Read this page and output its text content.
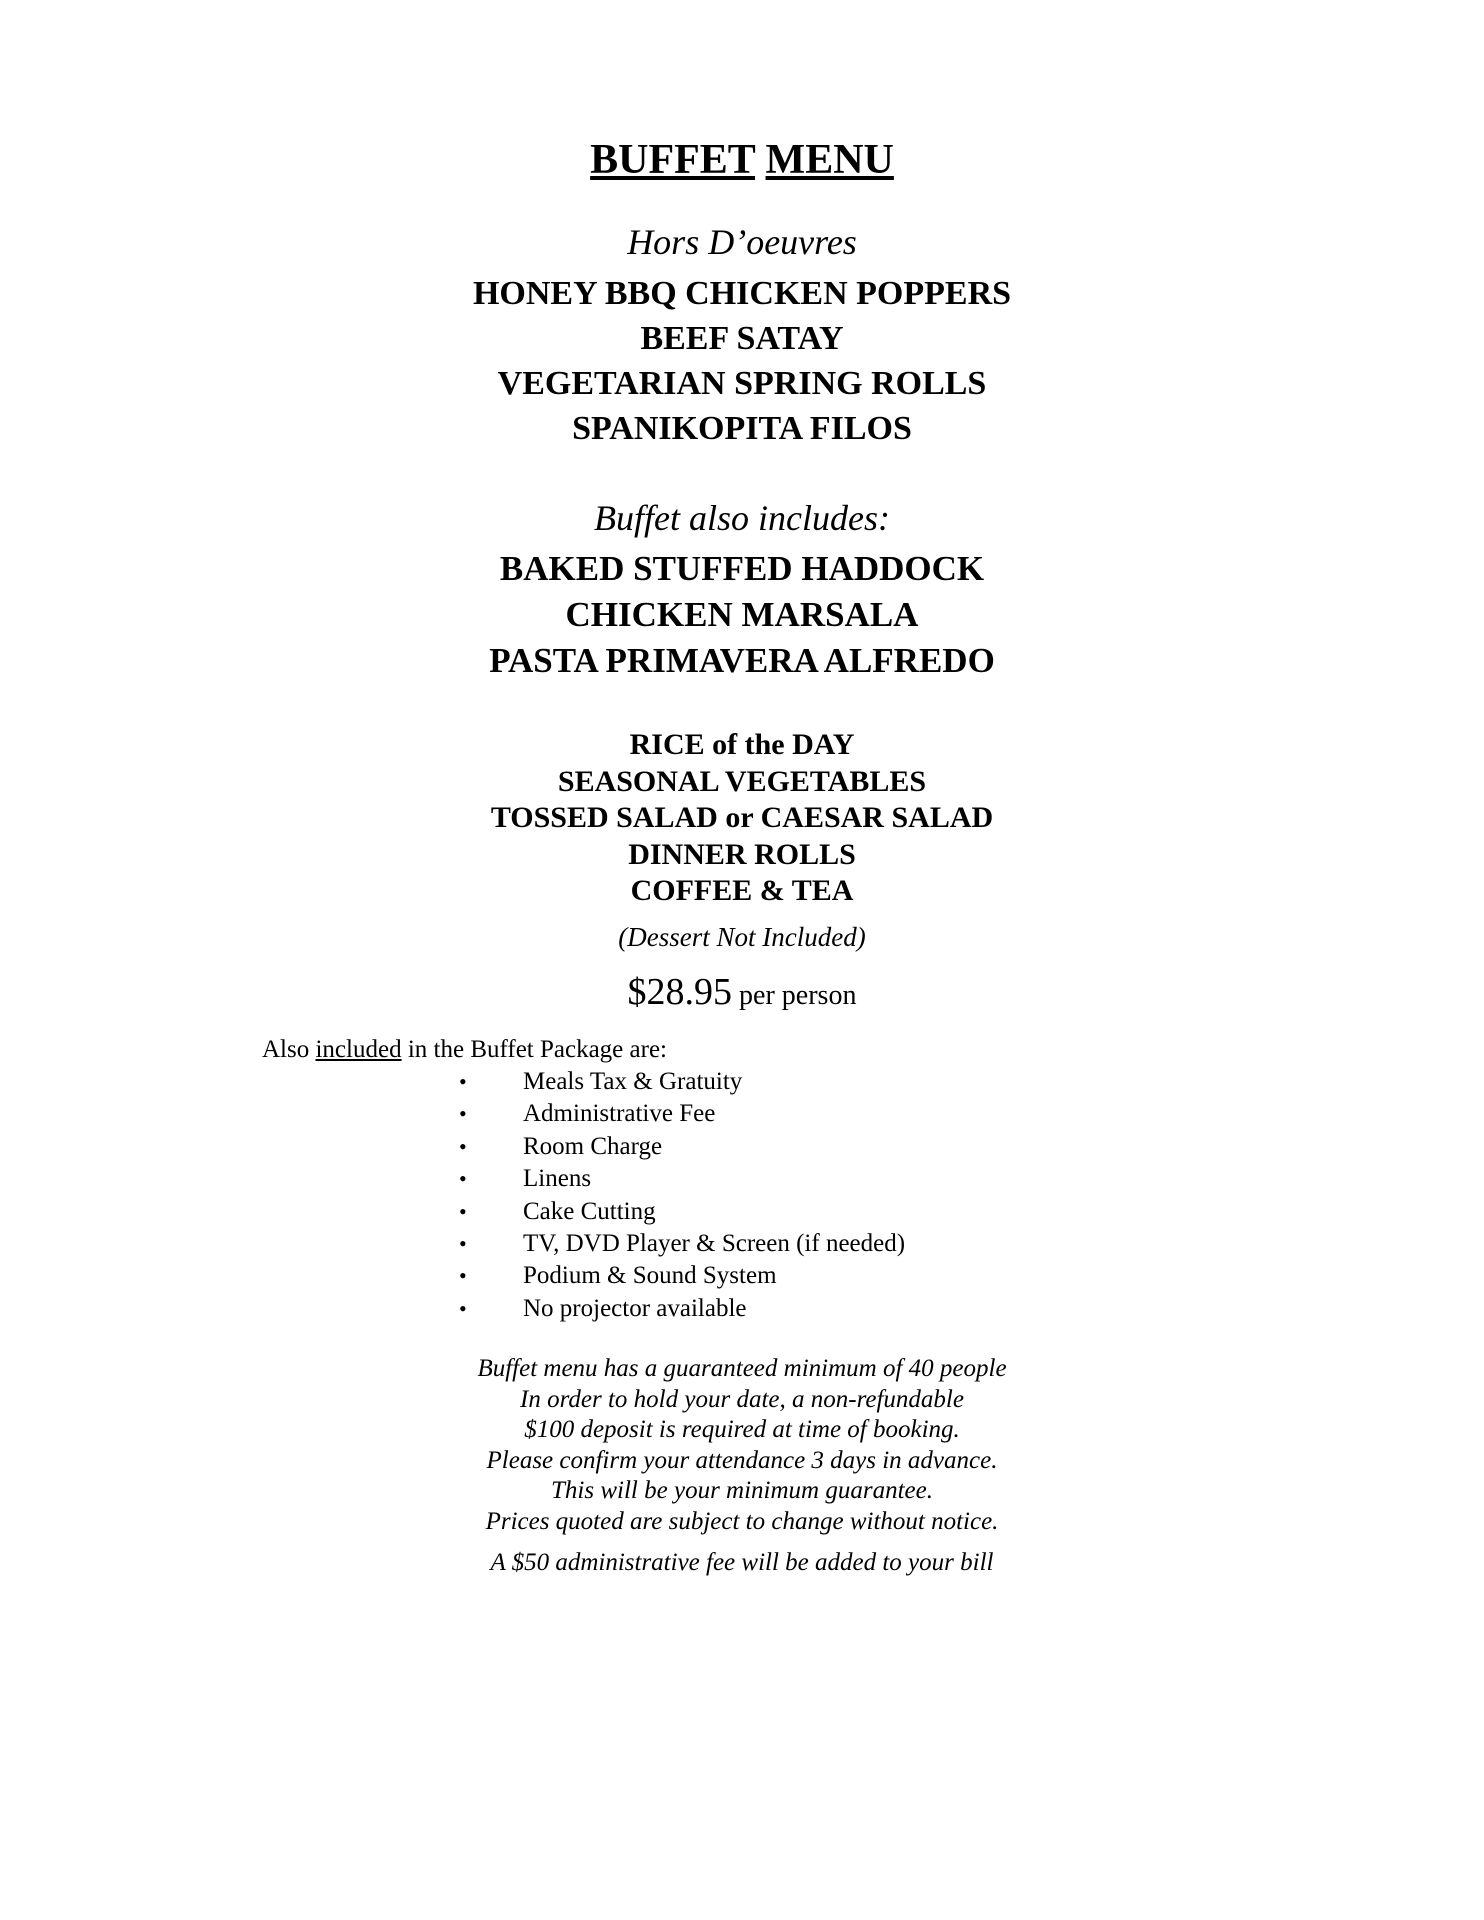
BUFFET MENU
Hors D’oeuvres
HONEY BBQ CHICKEN POPPERS
BEEF SATAY
VEGETARIAN SPRING ROLLS
SPANIKOPITA FILOS
Buffet also includes:
BAKED STUFFED HADDOCK
CHICKEN MARSALA
PASTA PRIMAVERA ALFREDO
RICE of the DAY
SEASONAL VEGETABLES
TOSSED SALAD or CAESAR SALAD
DINNER ROLLS
COFFEE & TEA
(Dessert Not Included)
$28.95 per person
Also included in the Buffet Package are:
• Meals Tax & Gratuity
• Administrative Fee
• Room Charge
• Linens
• Cake Cutting
• TV, DVD Player & Screen (if needed)
• Podium & Sound System
• No projector available
Buffet menu has a guaranteed minimum of 40 people
In order to hold your date, a non-refundable
$100 deposit is required at time of booking.
Please confirm your attendance 3 days in advance.
This will be your minimum guarantee.
Prices quoted are subject to change without notice.
A $50 administrative fee will be added to your bill
